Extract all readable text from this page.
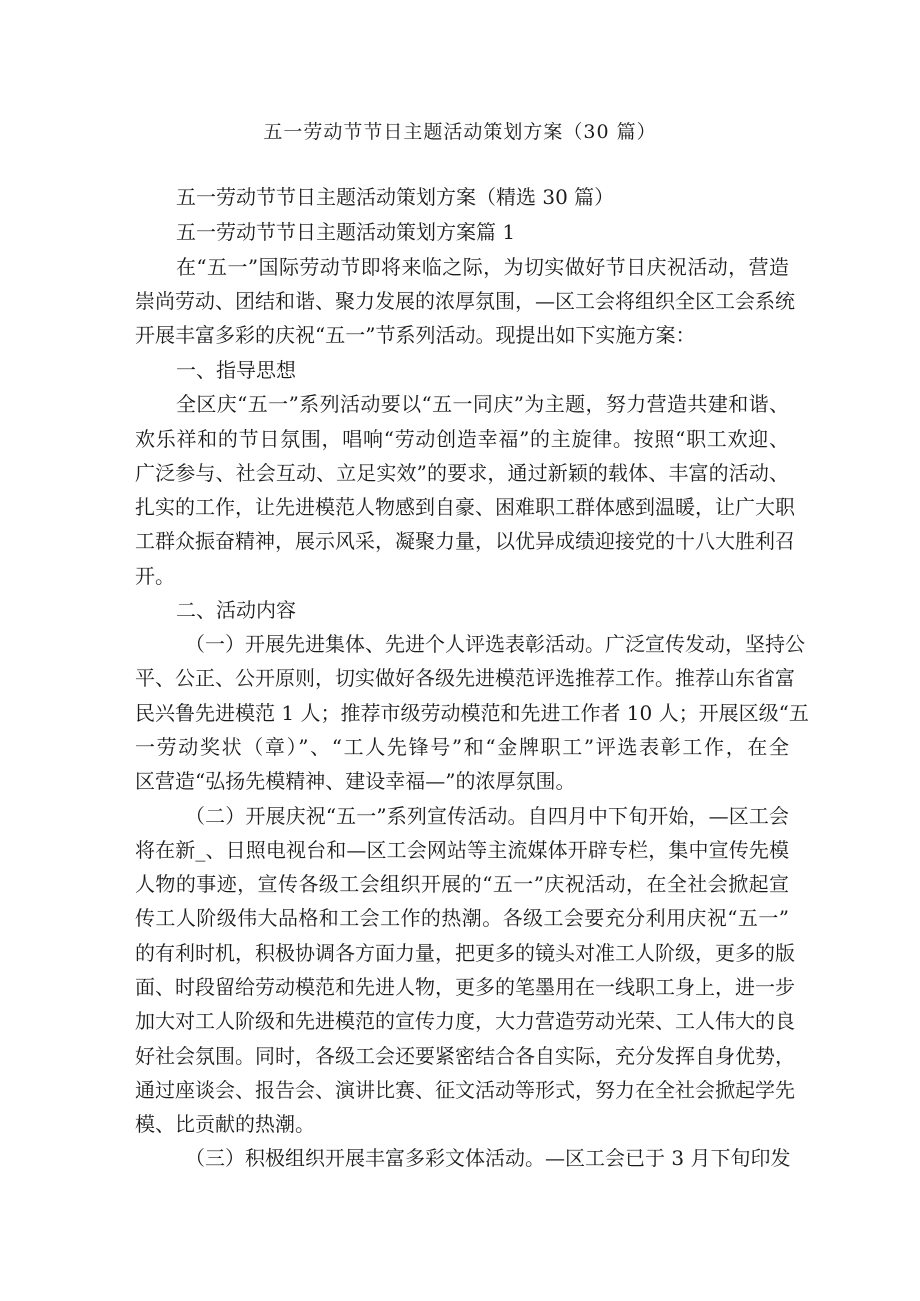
五一劳动节节日主题活动策划方案（30 篇）
五一劳动节节日主题活动策划方案（精选 30 篇）
五一劳动节节日主题活动策划方案篇 1
在“五一”国际劳动节即将来临之际，为切实做好节日庆祝活动，营造
崇尚劳动、团结和谐、聚力发展的浓厚氛围，—区工会将组织全区工会系统
开展丰富多彩的庆祝“五一”节系列活动。现提出如下实施方案：
一、指导思想
全区庆“五一”系列活动要以“五一同庆”为主题，努力营造共建和谐、
欢乐祥和的节日氛围，唱响“劳动创造幸福”的主旋律。按照“职工欢迎、
广泛参与、社会互动、立足实效”的要求，通过新颖的载体、丰富的活动、
扎实的工作，让先进模范人物感到自豪、困难职工群体感到温暖，让广大职
工群众振奋精神，展示风采，凝聚力量，以优异成绩迎接党的十八大胜利召
开。
二、活动内容
（一）开展先进集体、先进个人评选表彰活动。广泛宣传发动，坚持公
平、公正、公开原则，切实做好各级先进模范评选推荐工作。推荐山东省富
民兴鲁先进模范 1 人；推荐市级劳动模范和先进工作者 10 人；开展区级“五
一劳动奖状（章）”、“工人先锋号”和“金牌职工”评选表彰工作，在全
区营造“弘扬先模精神、建设幸福—”的浓厚氛围。
（二）开展庆祝“五一”系列宣传活动。自四月中下旬开始，—区工会
将在新_、日照电视台和—区工会网站等主流媒体开辟专栏，集中宣传先模
人物的事迹，宣传各级工会组织开展的“五一”庆祝活动，在全社会掀起宣
传工人阶级伟大品格和工会工作的热潮。各级工会要充分利用庆祝“五一”
的有利时机，积极协调各方面力量，把更多的镜头对准工人阶级，更多的版
面、时段留给劳动模范和先进人物，更多的笔墨用在一线职工身上，进一步
加大对工人阶级和先进模范的宣传力度，大力营造劳动光荣、工人伟大的良
好社会氛围。同时，各级工会还要紧密结合各自实际，充分发挥自身优势，
通过座谈会、报告会、演讲比赛、征文活动等形式，努力在全社会掀起学先
模、比贡献的热潮。
（三）积极组织开展丰富多彩文体活动。—区工会已于 3 月下旬印发
